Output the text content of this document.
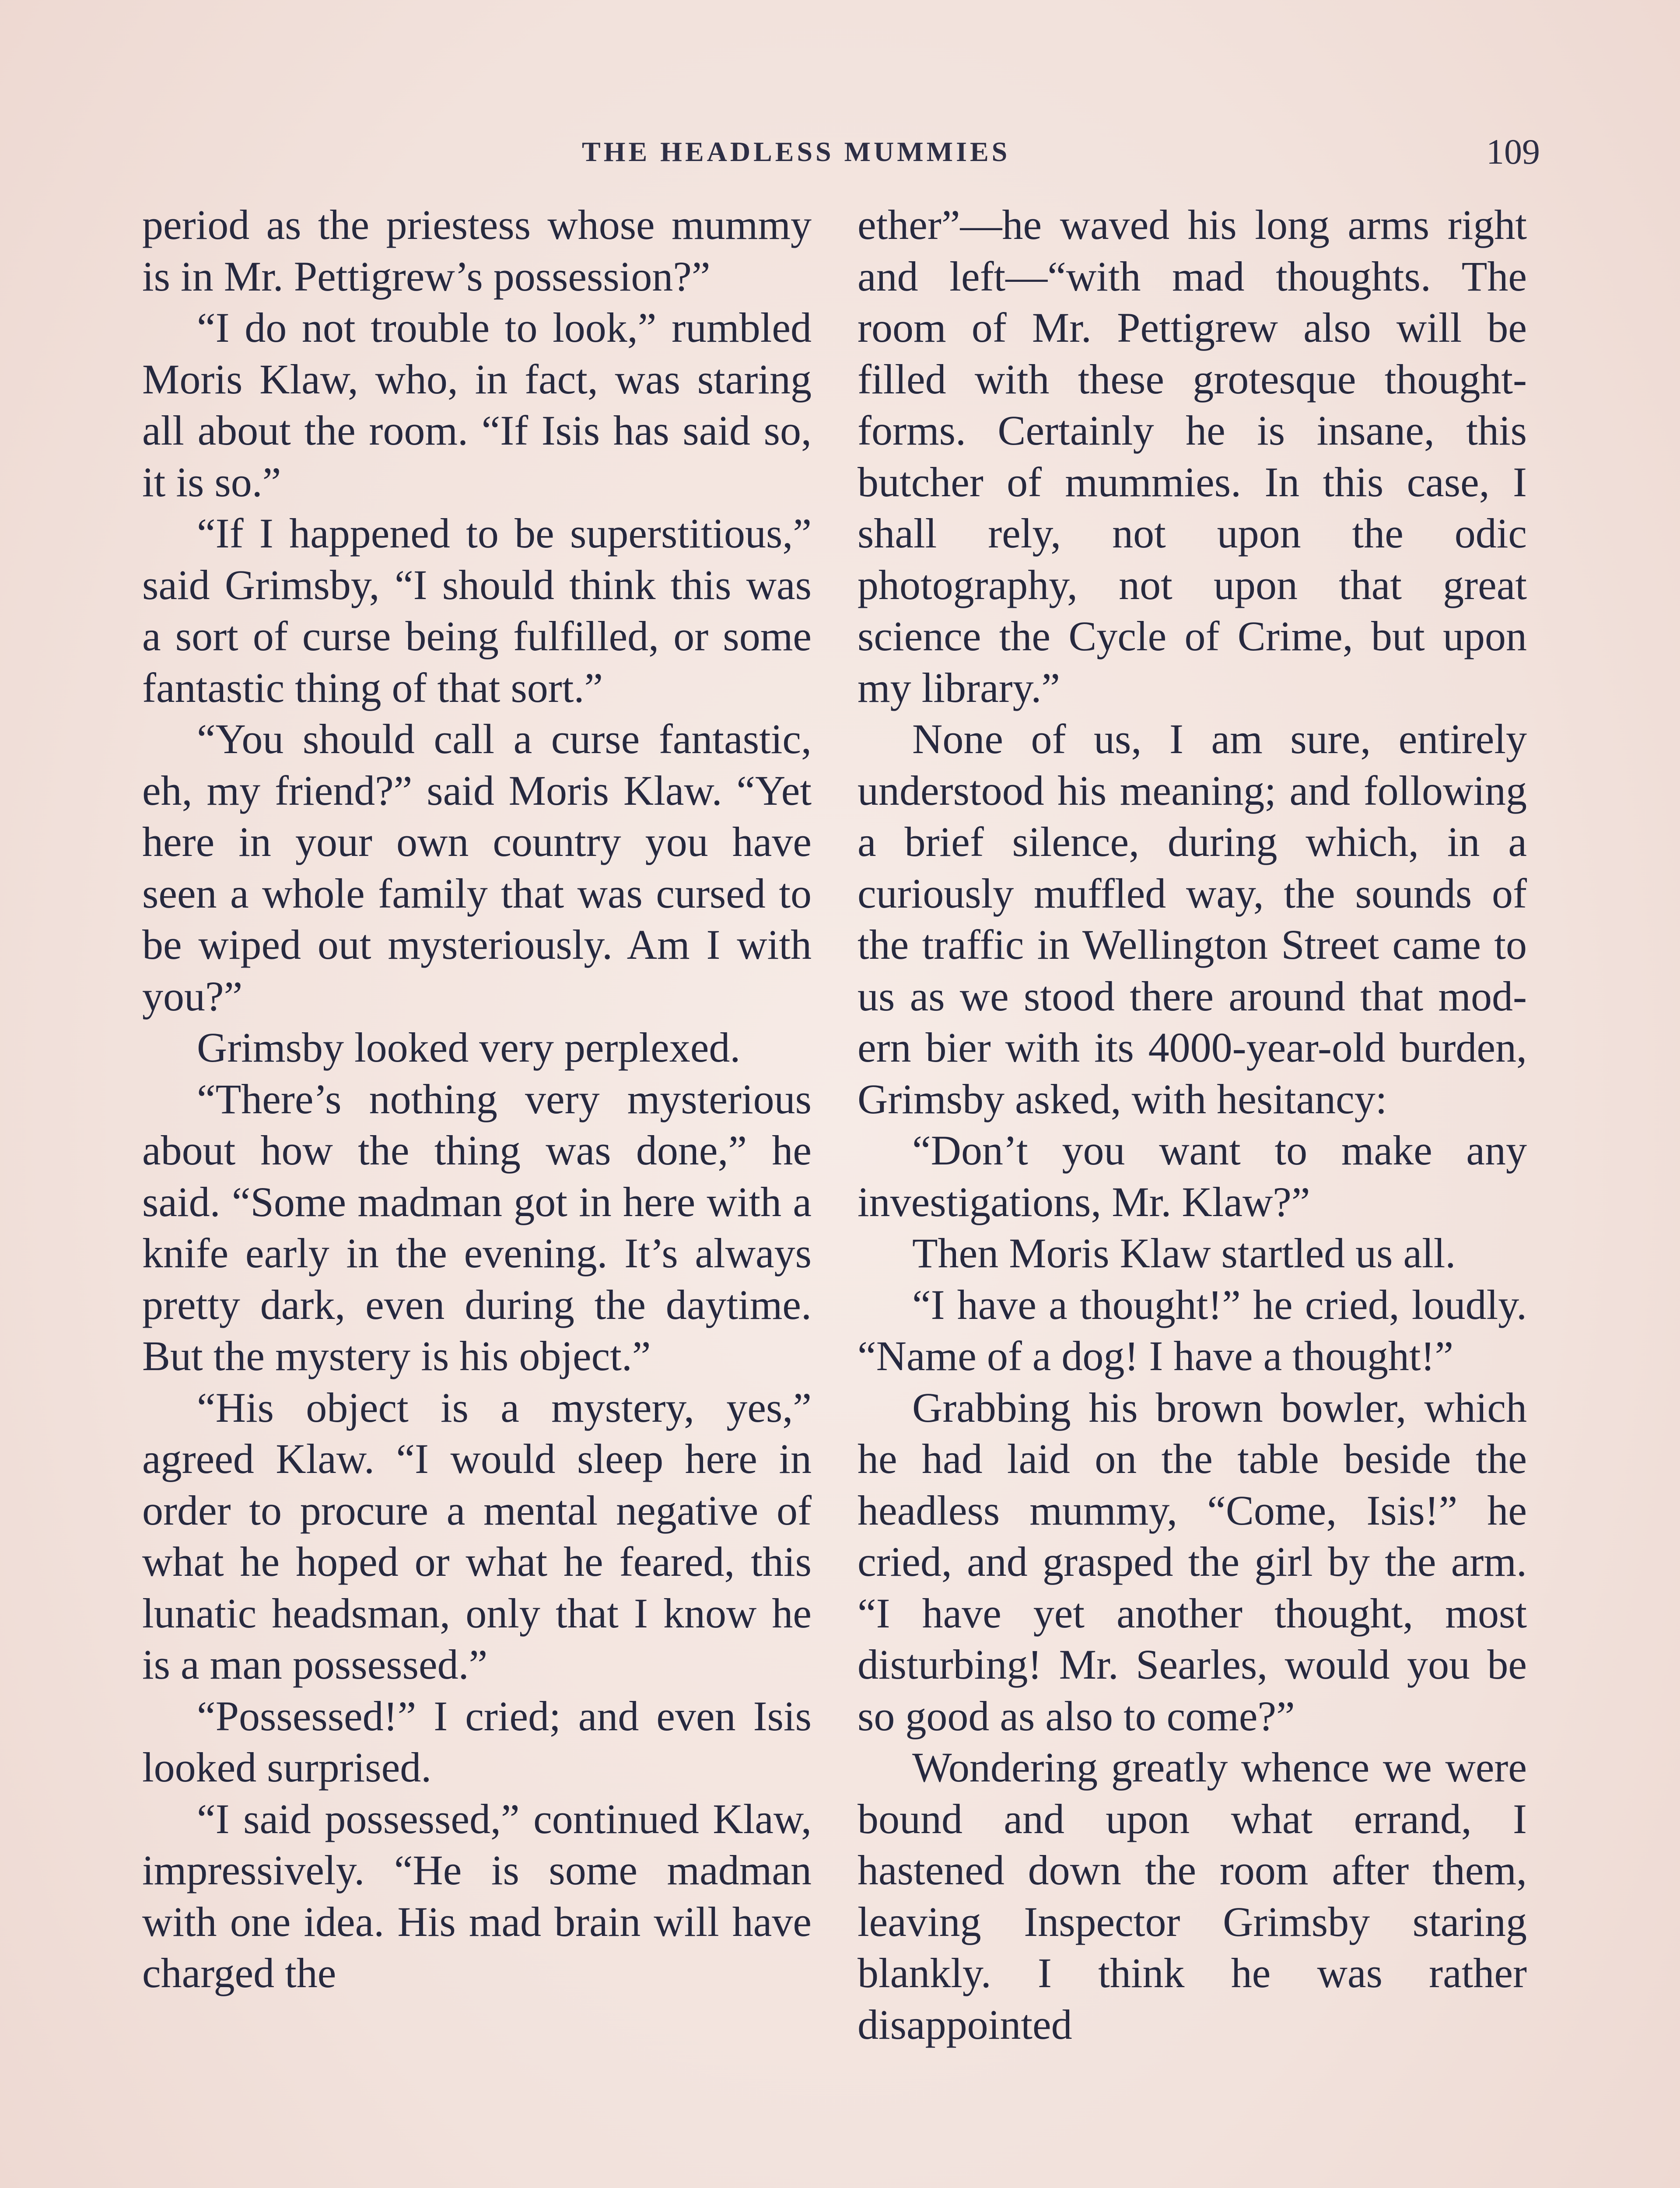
THE HEADLESS MUMMIES	109

period as the priestess whose mummy is in Mr. Pettigrew’s possession?”

“I do not trouble to look,” rumbled Moris Klaw, who, in fact, was staring all about the room. “If Isis has said so, it is so.”

“If I happened to be superstitious,” said Grimsby, “I should think this was a sort of curse being fulfilled, or some fantastic thing of that sort.”

“You should call a curse fantastic, eh, my friend?” said Moris Klaw. “Yet here in your own country you have seen a whole family that was cursed to be wiped out mysteriously. Am I with you?”

Grimsby looked very perplexed.

“There’s nothing very mysterious about how the thing was done,” he said. “Some madman got in here with a knife early in the evening. It’s always pretty dark, even during the daytime. But the mystery is his object.”

“His object is a mystery, yes,” agreed Klaw. “I would sleep here in order to procure a mental negative of what he hoped or what he feared, this lunatic headsman, only that I know he is a man possessed.”

“Possessed!” I cried; and even Isis looked surprised.

“I said possessed,” continued Klaw, impressively. “He is some madman with one idea. His mad brain will have charged the

ether”—he waved his long arms right and left—“with mad thoughts. The room of Mr. Pettigrew also will be filled with these grotesque thought-forms. Certainly he is insane, this butcher of mummies. In this case, I shall rely, not upon the odic photography, not upon that great science the Cycle of Crime, but upon my library.”

None of us, I am sure, entirely understood his meaning; and following a brief silence, during which, in a curiously muffled way, the sounds of the traffic in Wellington Street came to us as we stood there around that modern bier with its 4000-year-old burden, Grimsby asked, with hesitancy:

“Don’t you want to make any investigations, Mr. Klaw?”

Then Moris Klaw startled us all.

“I have a thought!” he cried, loudly. “Name of a dog! I have a thought!”

Grabbing his brown bowler, which he had laid on the table beside the headless mummy, “Come, Isis!” he cried, and grasped the girl by the arm. “I have yet another thought, most disturbing! Mr. Searles, would you be so good as also to come?”

Wondering greatly whence we were bound and upon what errand, I hastened down the room after them, leaving Inspector Grimsby staring blankly. I think he was rather disappointed
